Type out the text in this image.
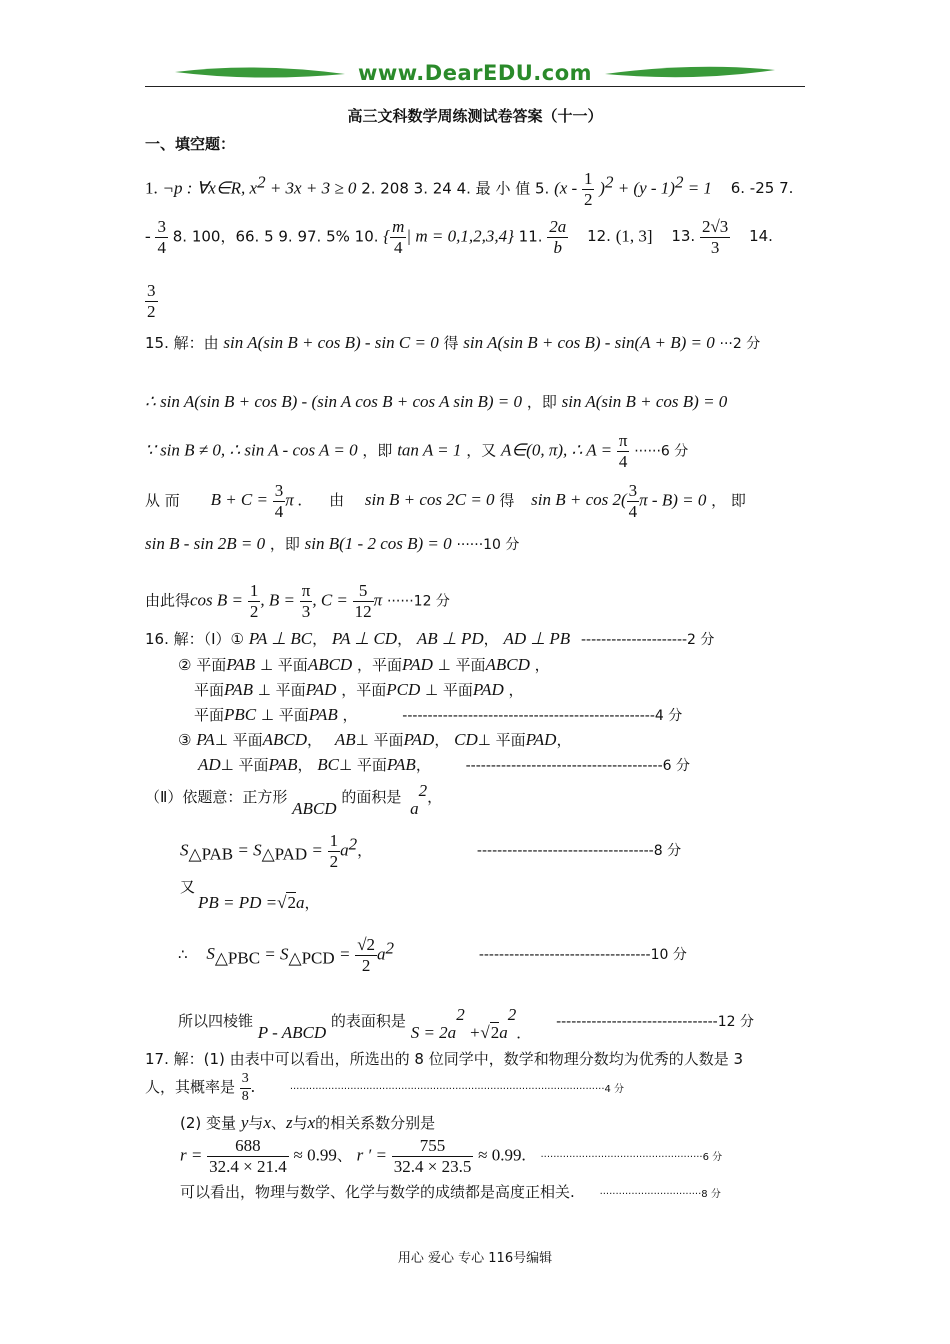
www.DearEDU.com
高三文科数学周练测试卷答案（十一）
一、填空题：
1. ¬p : ∀x∈R, $x^2 + 3x + 3 \ge 0$ 2. 208 3. 24 4. 最 小 值 5. $(x - \frac{1}{2} )^2 + (y - 1)^2 = 1$ 6. -25 7.
- $\frac{3}{4} 8$. 100，66. 5 9. 97. 5% 10. { $\frac{m}{4}$ | m = 0,1,2,3,4} 11. $\frac{2a}{b} 12$. (1, 3] 13. $\frac{2√3}{3} 14$.
$\frac{3}{2}$
15. 解：由 sin A(sin B + cos B) - sin C = 0 得 sin A(sin B + cos B) - sin(A + B) = 0 ···2 分
∴ sin A(sin B + cos B) - (sin A cos B + cos A sin B) = 0 ，即 sin A(sin B + cos B) = 0
∵ sin B ≠ 0, ∴ sin A - cos A = 0 ，即 tan A = 1 ，又 A∈(0, π), ∴ $A = \frac{\pi}{4} \cdot\cdot\cdot\cdot\cdot\cdot 6$ 分
从 而 $B + C = \frac{3}{4}$ π . 由 sin B + cos 2C = 0 得 $\sin B + \cos 2( \frac{3}{4}$ π - B) = 0 ， 即
sin B - sin 2B = 0 ，即 sin B(1 - 2 cos B) = 0 ······10 分
由此得$\cos B = \frac{1}{2}$ , $B = \frac{\pi}{3}$ , $C = \frac{5}{12}$ π ······12 分
16. 解：（Ⅰ）① PA ⊥ BC， PA ⊥ CD， AB ⊥ PD， AD ⊥ PB ---------------------2 分
② 平面PAB ⊥ 平面ABCD ，平面PAD ⊥ 平面ABCD ，
平面PAB ⊥ 平面PAD ，平面PCD ⊥ 平面PAD ，
平面PBC ⊥ 平面PAB ，	--------------------------------------------------4 分
③ PA⊥ 平面ABCD， AB⊥ 平面PAD， CD⊥ 平面PAD，
AD⊥ 平面PAB， BC⊥ 平面PAB， ---------------------------------------6 分
（Ⅱ）依题意：正方形 ABCD 的面积是 $a^2$，
$S_{\triangle PAB} = S_{\triangle PAD} = \frac{1}{2} a^2$，	-----------------------------------8 分
又
PB = PD =√2a，
∴ $S_{\triangle PBC} = S_{\triangle PCD} = \frac{√2}{2} a^2$	----------------------------------10 分
所以四棱锥 P - ABCD 的表面积是 $S = 2a^2 +√2a^2$． --------------------------------12 分
17. 解：(1) 由表中可以看出，所选出的 8 位同学中，数学和物理分数均为优秀的人数是 3
人，其概率是 $\frac{3}{8}$ .	···································································································4 分
(2) 变量 y与x、z与x的相关系数分别是
$r = \frac{688}{32.4 \times 21.4} \approx 0.99$、 r ′ = $\frac{755}{32.4 \times 23.5} \approx 0.99$. ···················································6 分
可以看出，物理与数学、化学与数学的成绩都是高度正相关. ································8 分
用心 爱心 专心 116号编辑
